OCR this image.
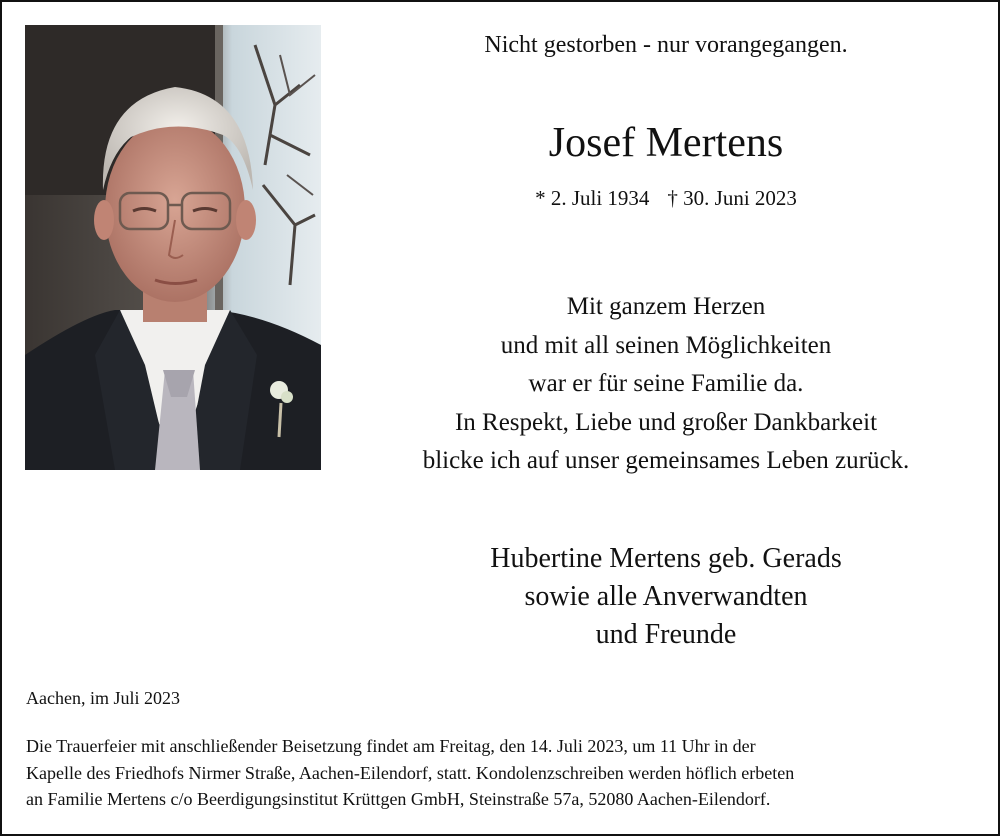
Nicht gestorben - nur vorangegangen.
Josef Mertens
* 2. Juli 1934 † 30. Juni 2023
Mit ganzem Herzen
und mit all seinen Möglichkeiten
war er für seine Familie da.
In Respekt, Liebe und großer Dankbarkeit
blicke ich auf unser gemeinsames Leben zurück.
Hubertine Mertens geb. Gerads
sowie alle Anverwandten
und Freunde
Aachen, im Juli 2023
Die Trauerfeier mit anschließender Beisetzung findet am Freitag, den 14. Juli 2023, um 11 Uhr in der
Kapelle des Friedhofs Nirmer Straße, Aachen-Eilendorf, statt. Kondolenzschreiben werden höflich erbeten
an Familie Mertens c/o Beerdigungsinstitut Krüttgen GmbH, Steinstraße 57a, 52080 Aachen-Eilendorf.
